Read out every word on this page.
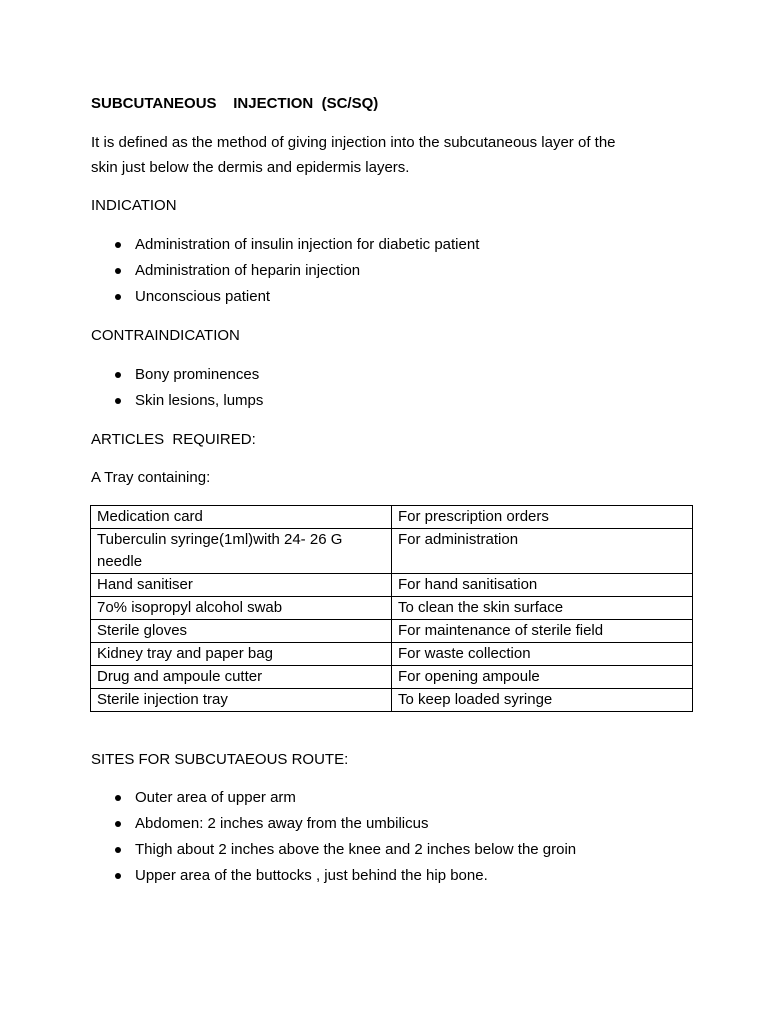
SUBCUTANEOUS    INJECTION  (SC/SQ)
It is defined as the method of giving injection into the subcutaneous layer of the
skin just below the dermis and epidermis layers.
INDICATION
Administration of insulin injection for diabetic patient
Administration of heparin injection
Unconscious patient
CONTRAINDICATION
Bony prominences
Skin lesions, lumps
ARTICLES  REQUIRED:
A Tray containing:
Medication card	For prescription orders
Tuberculin syringe(1ml)with 24- 26 G needle	For administration
Hand sanitiser	For hand sanitisation
7o% isopropyl alcohol swab	To clean the skin surface
Sterile gloves	For maintenance of sterile field
Kidney tray and paper bag	For waste collection
Drug and ampoule cutter	For opening ampoule
Sterile injection tray	To keep loaded syringe
SITES FOR SUBCUTAEOUS ROUTE:
Outer area of upper arm
Abdomen: 2 inches away from the umbilicus
Thigh about 2 inches above the knee and 2 inches below the groin
Upper area of the buttocks , just behind the hip bone.
